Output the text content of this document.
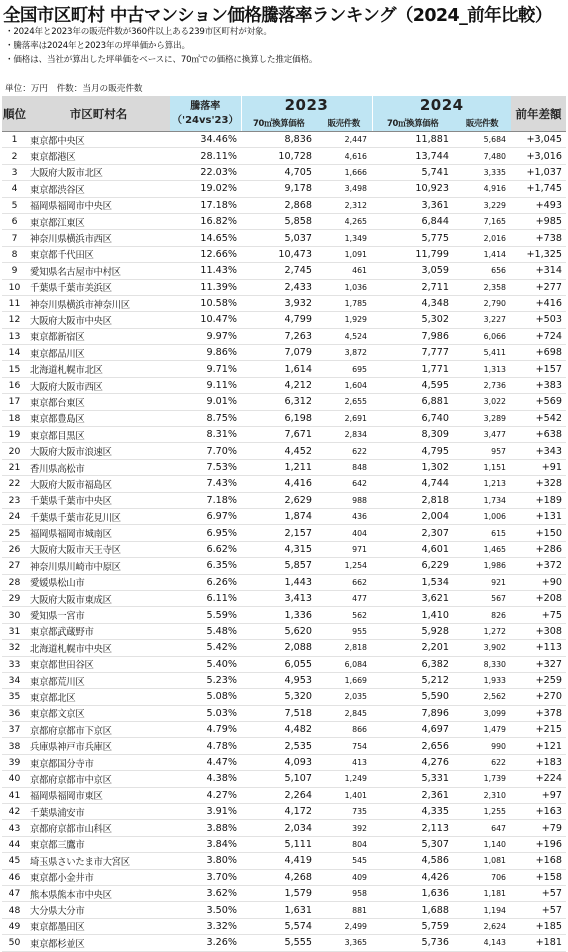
全国市区町村 中古マンション価格騰落率ランキング（2024_前年比較）
・2024年と2023年の販売件数が360件以上ある239市区町村が対象。
・騰落率は2024年と2023年の坪単価から算出。
・価格は、当社が算出した坪単価をベースに、70㎡での価格に換算した推定価格。
単位：万円　件数：当月の販売件数
順位	市区町村名	騰落率
（'24vs'23）	2023		2024		前年差額
			70㎡換算価格	販売件数	70㎡換算価格	販売件数	
1	東京都中央区	34.46%	8,836	2,447	11,881	5,684	+3,045
2	東京都港区	28.11%	10,728	4,616	13,744	7,480	+3,016
3	大阪府大阪市北区	22.03%	4,705	1,666	5,741	3,335	+1,037
4	東京都渋谷区	19.02%	9,178	3,498	10,923	4,916	+1,745
5	福岡県福岡市中央区	17.18%	2,868	2,312	3,361	3,229	+493
6	東京都江東区	16.82%	5,858	4,265	6,844	7,165	+985
7	神奈川県横浜市西区	14.65%	5,037	1,349	5,775	2,016	+738
8	東京都千代田区	12.66%	10,473	1,091	11,799	1,414	+1,325
9	愛知県名古屋市中村区	11.43%	2,745	461	3,059	656	+314
10	千葉県千葉市美浜区	11.39%	2,433	1,036	2,711	2,358	+277
11	神奈川県横浜市神奈川区	10.58%	3,932	1,785	4,348	2,790	+416
12	大阪府大阪市中央区	10.47%	4,799	1,929	5,302	3,227	+503
13	東京都新宿区	9.97%	7,263	4,524	7,986	6,066	+724
14	東京都品川区	9.86%	7,079	3,872	7,777	5,411	+698
15	北海道札幌市北区	9.71%	1,614	695	1,771	1,313	+157
16	大阪府大阪市西区	9.11%	4,212	1,604	4,595	2,736	+383
17	東京都台東区	9.01%	6,312	2,655	6,881	3,022	+569
18	東京都豊島区	8.75%	6,198	2,691	6,740	3,289	+542
19	東京都目黒区	8.31%	7,671	2,834	8,309	3,477	+638
20	大阪府大阪市浪速区	7.70%	4,452	622	4,795	957	+343
21	香川県高松市	7.53%	1,211	848	1,302	1,151	+91
22	大阪府大阪市福島区	7.43%	4,416	642	4,744	1,213	+328
23	千葉県千葉市中央区	7.18%	2,629	988	2,818	1,734	+189
24	千葉県千葉市花見川区	6.97%	1,874	436	2,004	1,006	+131
25	福岡県福岡市城南区	6.95%	2,157	404	2,307	615	+150
26	大阪府大阪市天王寺区	6.62%	4,315	971	4,601	1,465	+286
27	神奈川県川崎市中原区	6.35%	5,857	1,254	6,229	1,986	+372
28	愛媛県松山市	6.26%	1,443	662	1,534	921	+90
29	大阪府大阪市東成区	6.11%	3,413	477	3,621	567	+208
30	愛知県一宮市	5.59%	1,336	562	1,410	826	+75
31	東京都武蔵野市	5.48%	5,620	955	5,928	1,272	+308
32	北海道札幌市中央区	5.42%	2,088	2,818	2,201	3,902	+113
33	東京都世田谷区	5.40%	6,055	6,084	6,382	8,330	+327
34	東京都荒川区	5.23%	4,953	1,669	5,212	1,933	+259
35	東京都北区	5.08%	5,320	2,035	5,590	2,562	+270
36	東京都文京区	5.03%	7,518	2,845	7,896	3,099	+378
37	京都府京都市下京区	4.79%	4,482	866	4,697	1,479	+215
38	兵庫県神戸市兵庫区	4.78%	2,535	754	2,656	990	+121
39	東京都国分寺市	4.47%	4,093	413	4,276	622	+183
40	京都府京都市中京区	4.38%	5,107	1,249	5,331	1,739	+224
41	福岡県福岡市東区	4.27%	2,264	1,401	2,361	2,310	+97
42	千葉県浦安市	3.91%	4,172	735	4,335	1,255	+163
43	京都府京都市山科区	3.88%	2,034	392	2,113	647	+79
44	東京都三鷹市	3.84%	5,111	804	5,307	1,140	+196
45	埼玉県さいたま市大宮区	3.80%	4,419	545	4,586	1,081	+168
46	東京都小金井市	3.70%	4,268	409	4,426	706	+158
47	熊本県熊本市中央区	3.62%	1,579	958	1,636	1,181	+57
48	大分県大分市	3.50%	1,631	881	1,688	1,194	+57
49	東京都墨田区	3.32%	5,574	2,499	5,759	2,624	+185
50	東京都杉並区	3.26%	5,555	3,365	5,736	4,143	+181
